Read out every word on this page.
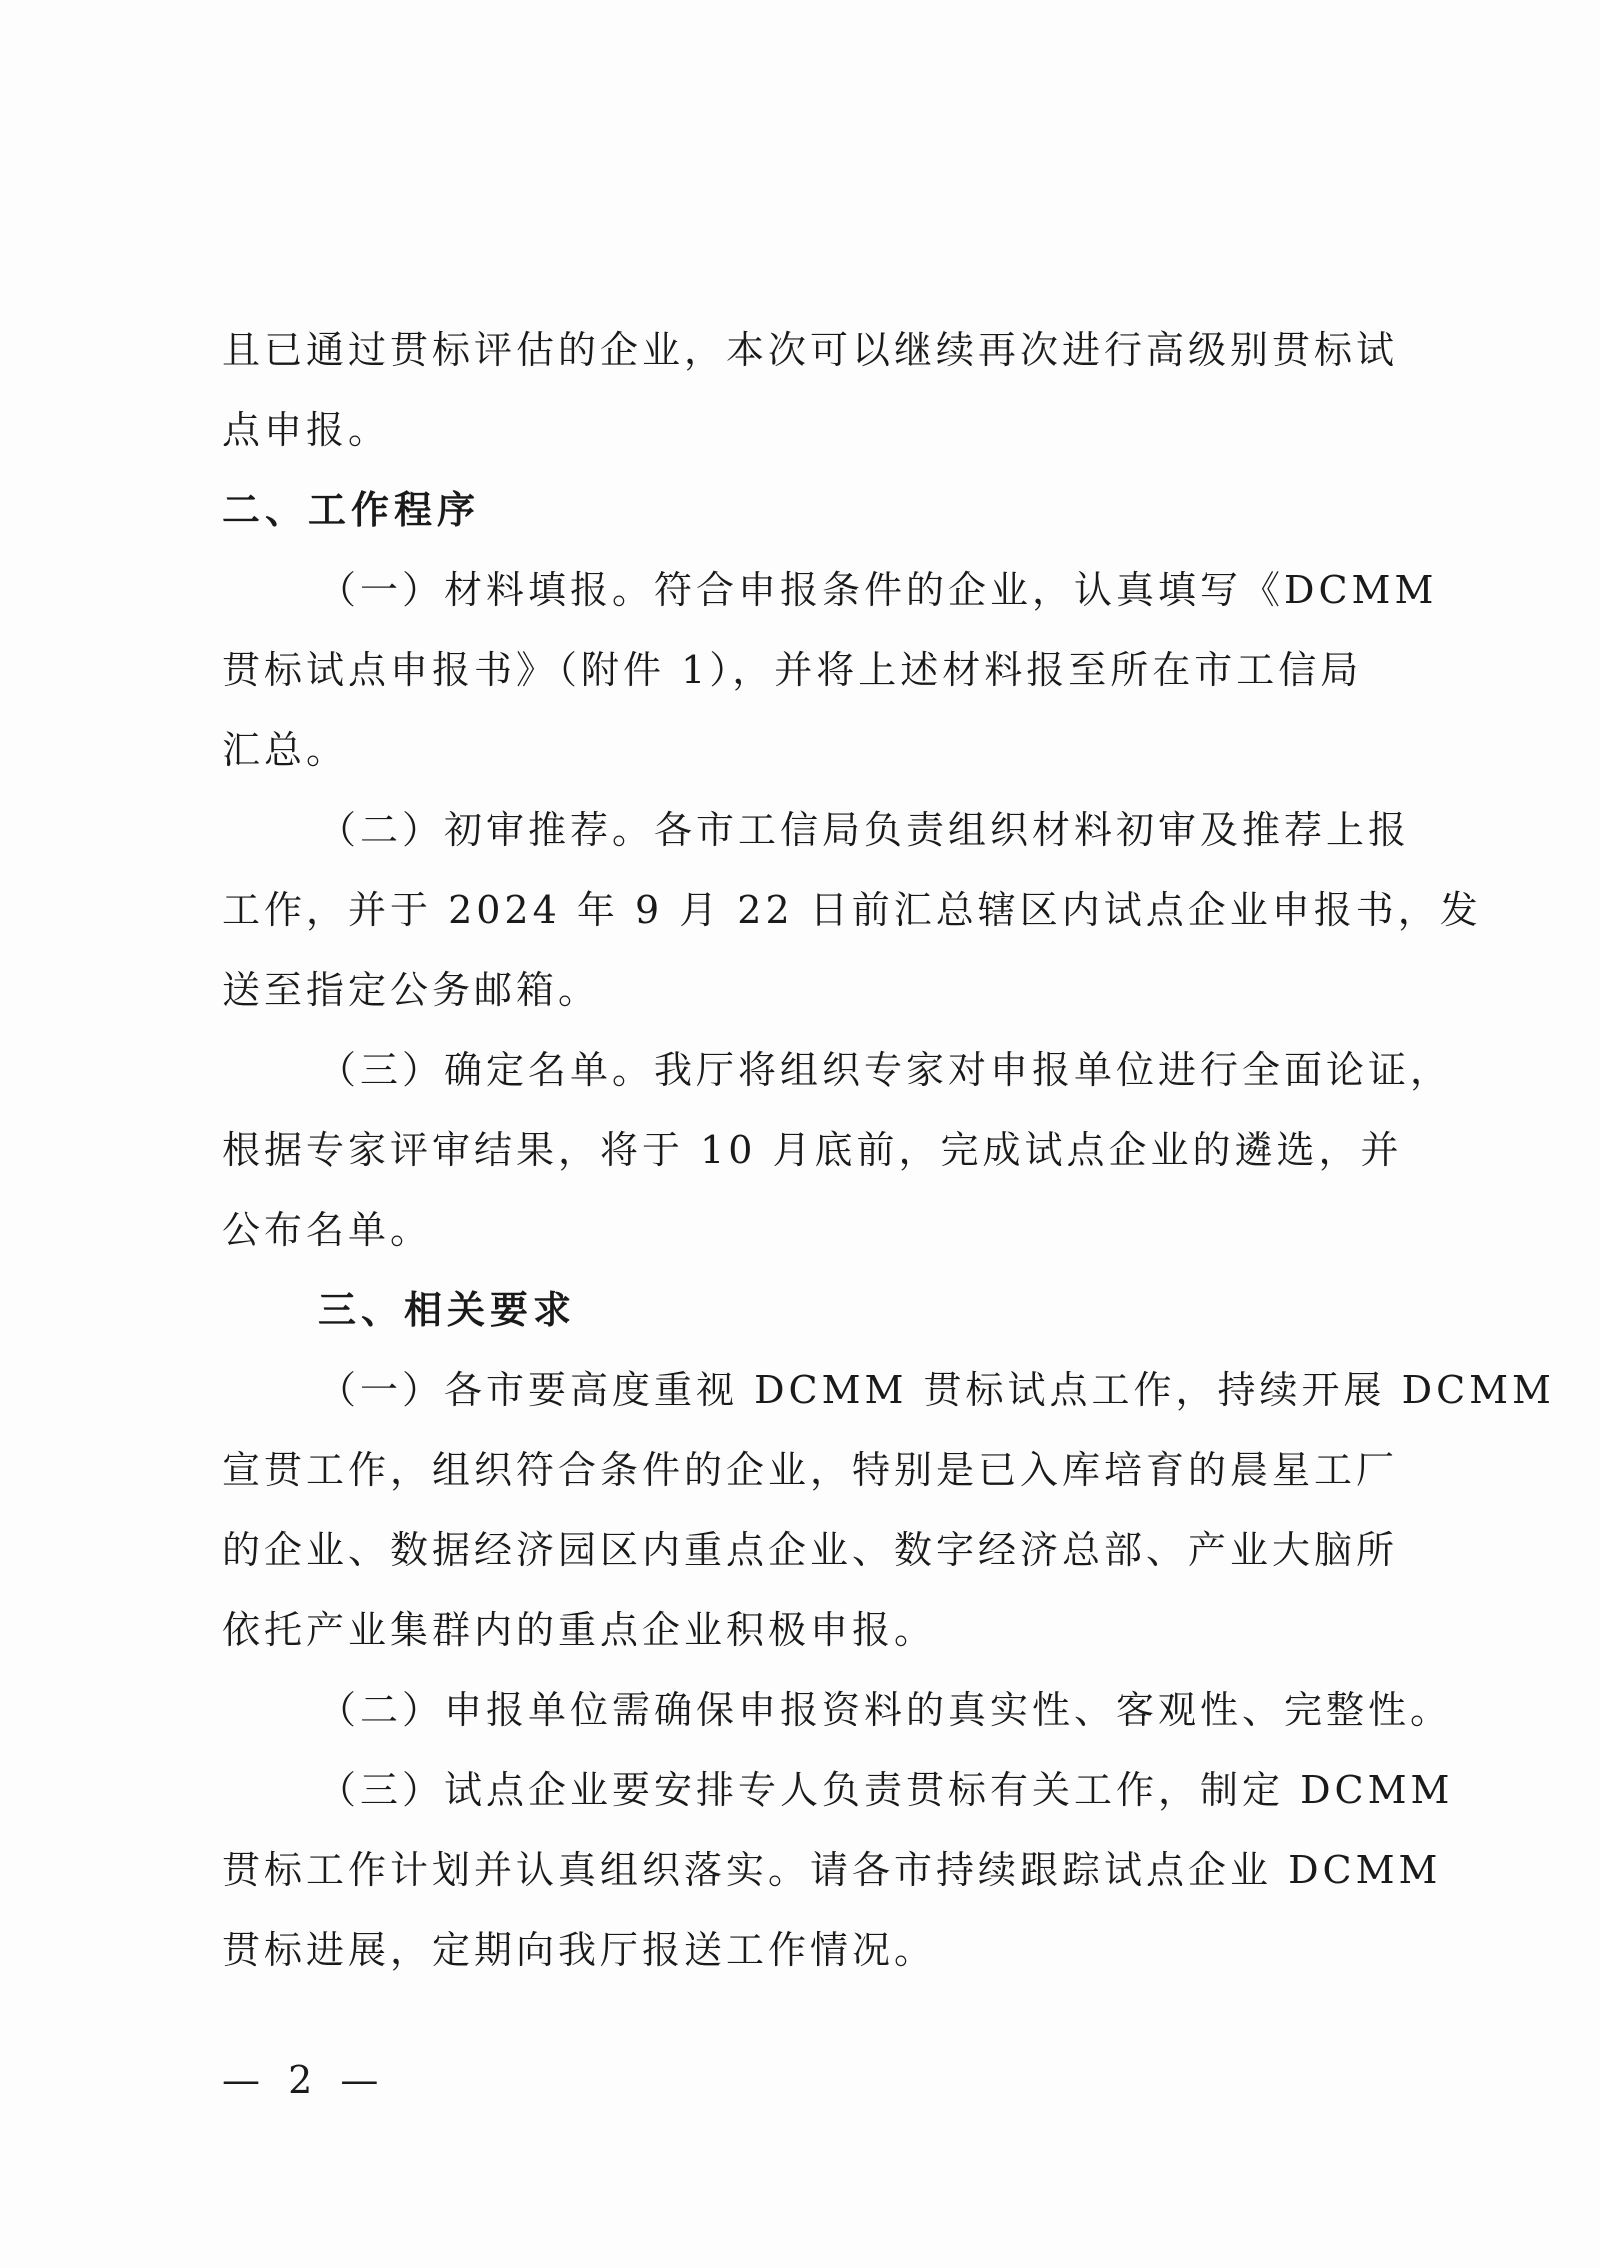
且已通过贯标评估的企业，本次可以继续再次进行高级别贯标试
点申报。
二、工作程序
（一）材料填报。符合申报条件的企业，认真填写《DCMM
贯标试点申报书》（附件 1），并将上述材料报至所在市工信局
汇总。
（二）初审推荐。各市工信局负责组织材料初审及推荐上报
工作，并于 2024 年 9 月 22 日前汇总辖区内试点企业申报书，发
送至指定公务邮箱。
（三）确定名单。我厅将组织专家对申报单位进行全面论证，
根据专家评审结果，将于 10 月底前，完成试点企业的遴选，并
公布名单。
三、相关要求
（一）各市要高度重视 DCMM 贯标试点工作，持续开展 DCMM
宣贯工作，组织符合条件的企业，特别是已入库培育的晨星工厂
的企业、数据经济园区内重点企业、数字经济总部、产业大脑所
依托产业集群内的重点企业积极申报。
（二）申报单位需确保申报资料的真实性、客观性、完整性。
（三）试点企业要安排专人负责贯标有关工作，制定 DCMM
贯标工作计划并认真组织落实。请各市持续跟踪试点企业 DCMM
贯标进展，定期向我厅报送工作情况。
— 2 —
